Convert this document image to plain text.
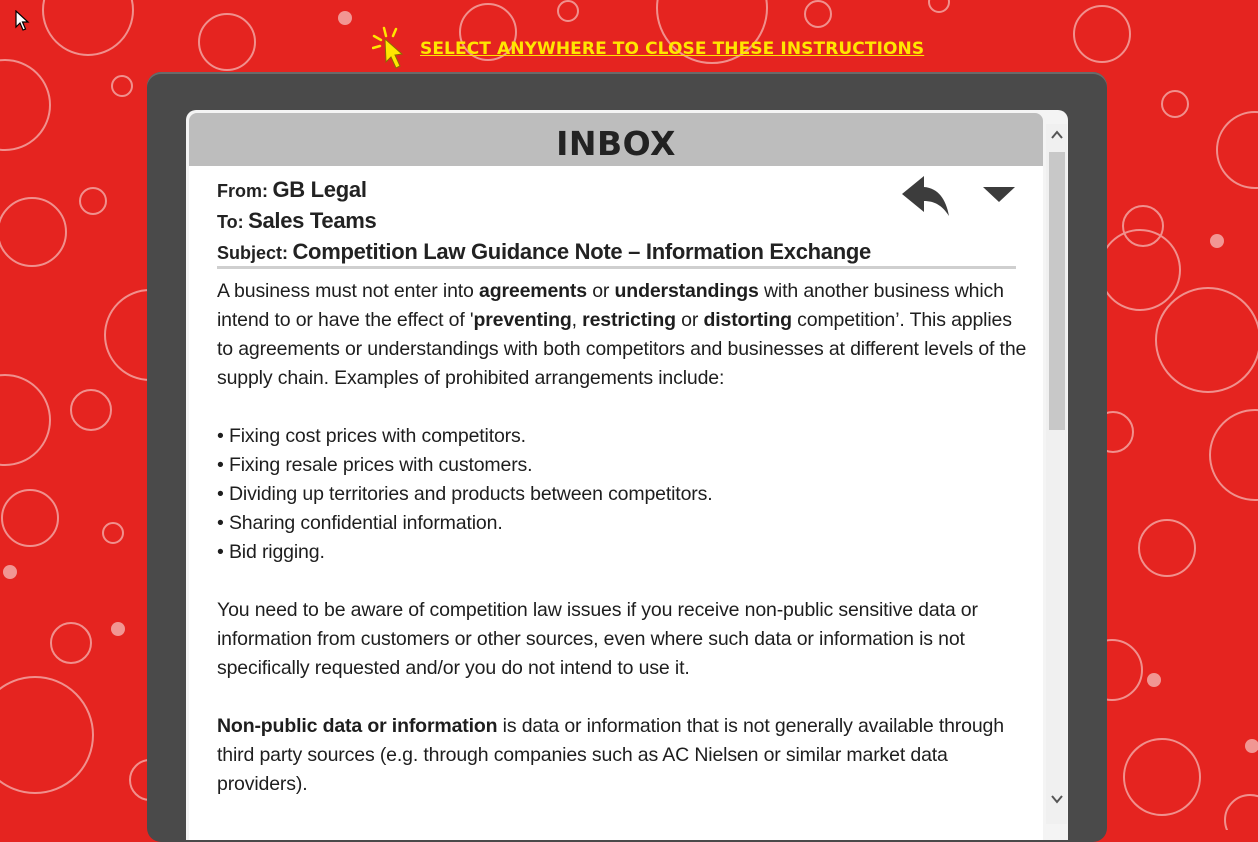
SELECT ANYWHERE TO CLOSE THESE INSTRUCTIONS
INBOX
From: GB Legal
To: Sales Teams
Subject: Competition Law Guidance Note – Information Exchange

A business must not enter into agreements or understandings with another business which intend to or have the effect of 'preventing, restricting or distorting competition’. This applies to agreements or understandings with both competitors and businesses at different levels of the supply chain. Examples of prohibited arrangements include:

• Fixing cost prices with competitors.
• Fixing resale prices with customers.
• Dividing up territories and products between competitors.
• Sharing confidential information.
• Bid rigging.

You need to be aware of competition law issues if you receive non-public sensitive data or information from customers or other sources, even where such data or information is not specifically requested and/or you do not intend to use it.

Non-public data or information is data or information that is not generally available through third party sources (e.g. through companies such as AC Nielsen or similar market data providers).
